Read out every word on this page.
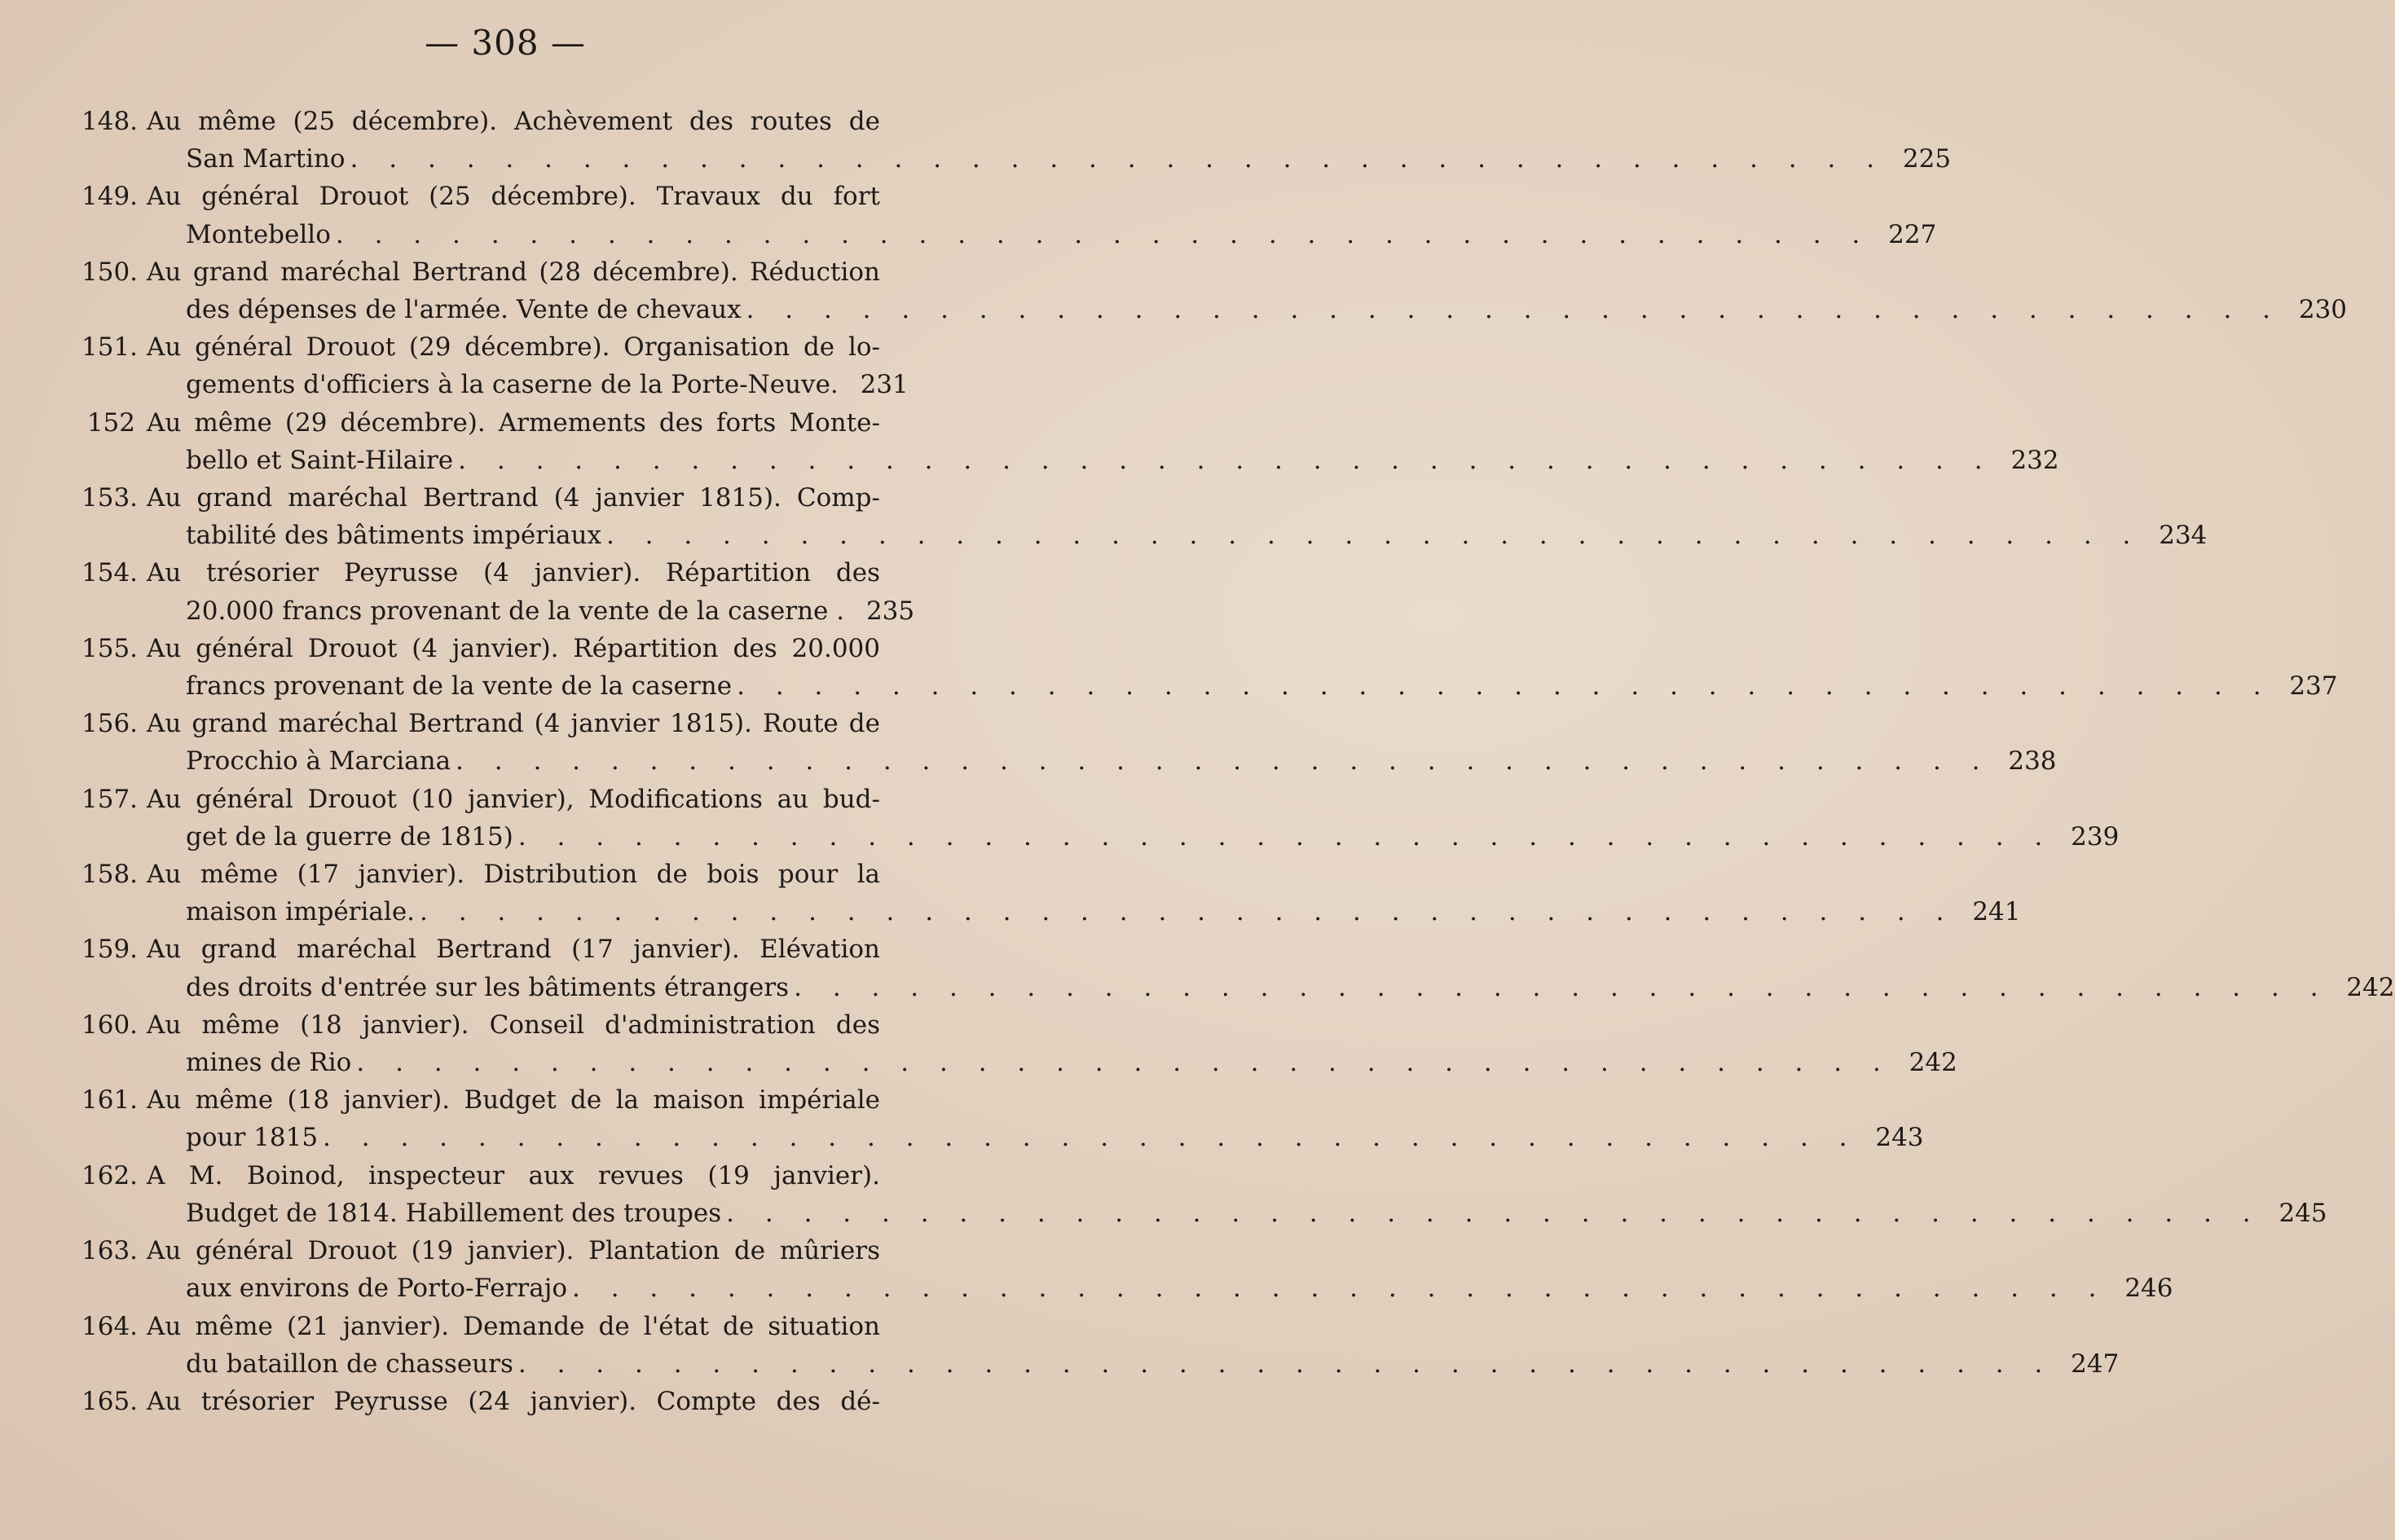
— 308 —
148. Au même (25 décembre). Achèvement des routes de
San Martino . . . . . . . . . . . . . . . . . . . . . . . . . . . . . . . . . . . . . . . . 225
149. Au général Drouot (25 décembre). Travaux du fort
Montebello . . . . . . . . . . . . . . . . . . . . . . . . . . . . . . . . . . . . . . . . 227
150. Au grand maréchal Bertrand (28 décembre). Réduction
des dépenses de l'armée. Vente de chevaux . . . . . . . . . . . . . . . . . . . . . . . . . . . . . . . . . . . . . . . . 230
151. Au général Drouot (29 décembre). Organisation de lo-
gements d'officiers à la caserne de la Porte-Neuve. 231
152 Au même (29 décembre). Armements des forts Monte-
bello et Saint-Hilaire . . . . . . . . . . . . . . . . . . . . . . . . . . . . . . . . . . . . . . . . 232
153. Au grand maréchal Bertrand (4 janvier 1815). Comp-
tabilité des bâtiments impériaux . . . . . . . . . . . . . . . . . . . . . . . . . . . . . . . . . . . . . . . . 234
154. Au trésorier Peyrusse (4 janvier). Répartition des
20.000 francs provenant de la vente de la caserne . 235
155. Au général Drouot (4 janvier). Répartition des 20.000
francs provenant de la vente de la caserne . . . . . . . . . . . . . . . . . . . . . . . . . . . . . . . . . . . . . . . . 237
156. Au grand maréchal Bertrand (4 janvier 1815). Route de
Procchio à Marciana . . . . . . . . . . . . . . . . . . . . . . . . . . . . . . . . . . . . . . . . 238
157. Au général Drouot (10 janvier), Modifications au bud-
get de la guerre de 1815) . . . . . . . . . . . . . . . . . . . . . . . . . . . . . . . . . . . . . . . . 239
158. Au même (17 janvier). Distribution de bois pour la
maison impériale. . . . . . . . . . . . . . . . . . . . . . . . . . . . . . . . . . . . . . . . . 241
159. Au grand maréchal Bertrand (17 janvier). Elévation
des droits d'entrée sur les bâtiments étrangers . . . . . . . . . . . . . . . . . . . . . . . . . . . . . . . . . . . . . . . . 242
160. Au même (18 janvier). Conseil d'administration des
mines de Rio . . . . . . . . . . . . . . . . . . . . . . . . . . . . . . . . . . . . . . . . 242
161. Au même (18 janvier). Budget de la maison impériale
pour 1815 . . . . . . . . . . . . . . . . . . . . . . . . . . . . . . . . . . . . . . . . 243
162. A M. Boinod, inspecteur aux revues (19 janvier).
Budget de 1814. Habillement des troupes . . . . . . . . . . . . . . . . . . . . . . . . . . . . . . . . . . . . . . . . 245
163. Au général Drouot (19 janvier). Plantation de mûriers
aux environs de Porto-Ferrajo . . . . . . . . . . . . . . . . . . . . . . . . . . . . . . . . . . . . . . . . 246
164. Au même (21 janvier). Demande de l'état de situation
du bataillon de chasseurs . . . . . . . . . . . . . . . . . . . . . . . . . . . . . . . . . . . . . . . . 247
165. Au trésorier Peyrusse (24 janvier). Compte des dé-
